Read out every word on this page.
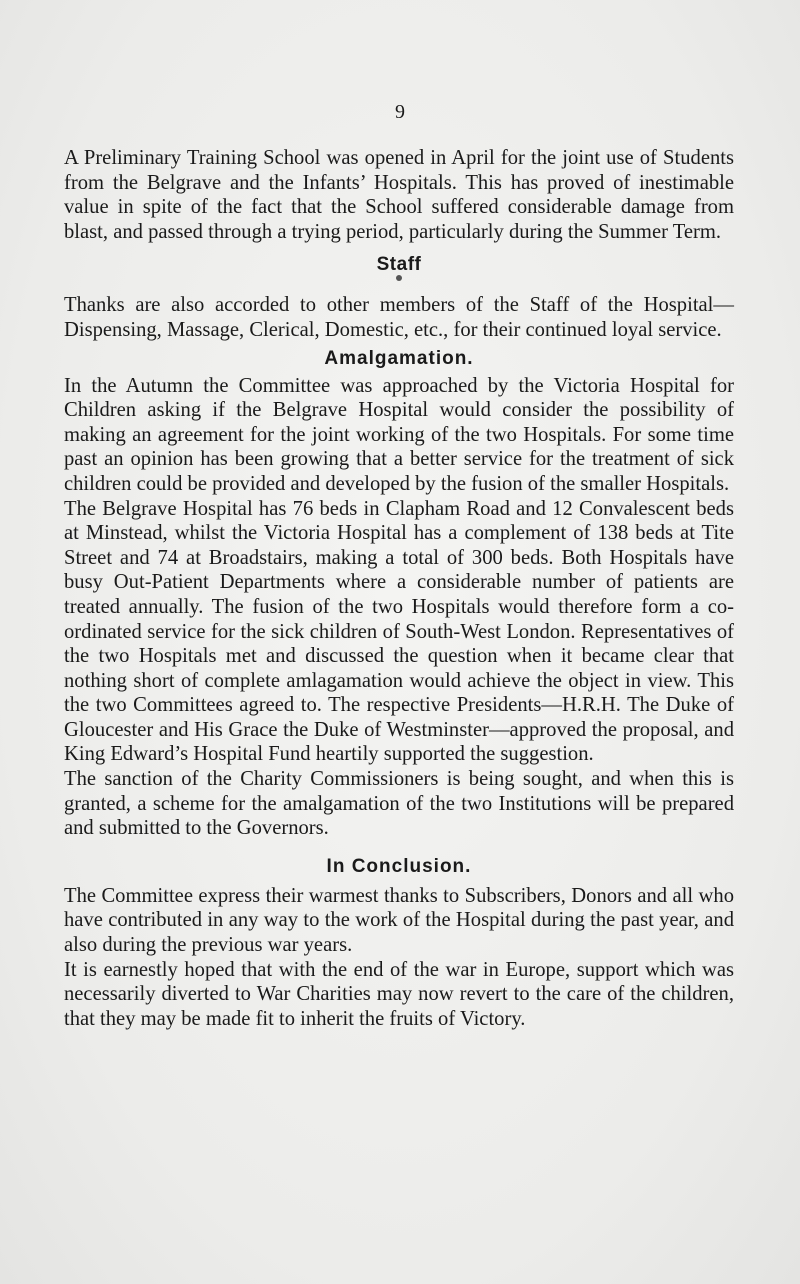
9

A Preliminary Training School was opened in April for the joint use of Students from the Belgrave and the Infants’ Hospitals. This has proved of inestimable value in spite of the fact that the School suffered considerable damage from blast, and passed through a trying period, particularly during the Summer Term.

Staff

Thanks are also accorded to other members of the Staff of the Hospital—Dispensing, Massage, Clerical, Domestic, etc., for their continued loyal service.

Amalgamation.

In the Autumn the Committee was approached by the Victoria Hospital for Children asking if the Belgrave Hospital would consider the possibility of making an agreement for the joint working of the two Hospitals. For some time past an opinion has been growing that a better service for the treatment of sick children could be provided and developed by the fusion of the smaller Hospitals.

The Belgrave Hospital has 76 beds in Clapham Road and 12 Convalescent beds at Minstead, whilst the Victoria Hospital has a complement of 138 beds at Tite Street and 74 at Broadstairs, making a total of 300 beds. Both Hospitals have busy Out-Patient Departments where a considerable number of patients are treated annually. The fusion of the two Hospitals would therefore form a co-ordinated service for the sick children of South-West London. Representatives of the two Hospitals met and discussed the question when it became clear that nothing short of complete amlagamation would achieve the object in view. This the two Committees agreed to. The respective Presidents—H.R.H. The Duke of Gloucester and His Grace the Duke of Westminster—approved the proposal, and King Edward’s Hospital Fund heartily supported the suggestion.

The sanction of the Charity Commissioners is being sought, and when this is granted, a scheme for the amalgamation of the two Institutions will be prepared and submitted to the Governors.

In Conclusion.

The Committee express their warmest thanks to Subscribers, Donors and all who have contributed in any way to the work of the Hospital during the past year, and also during the previous war years.

It is earnestly hoped that with the end of the war in Europe, support which was necessarily diverted to War Charities may now revert to the care of the children, that they may be made fit to inherit the fruits of Victory.
